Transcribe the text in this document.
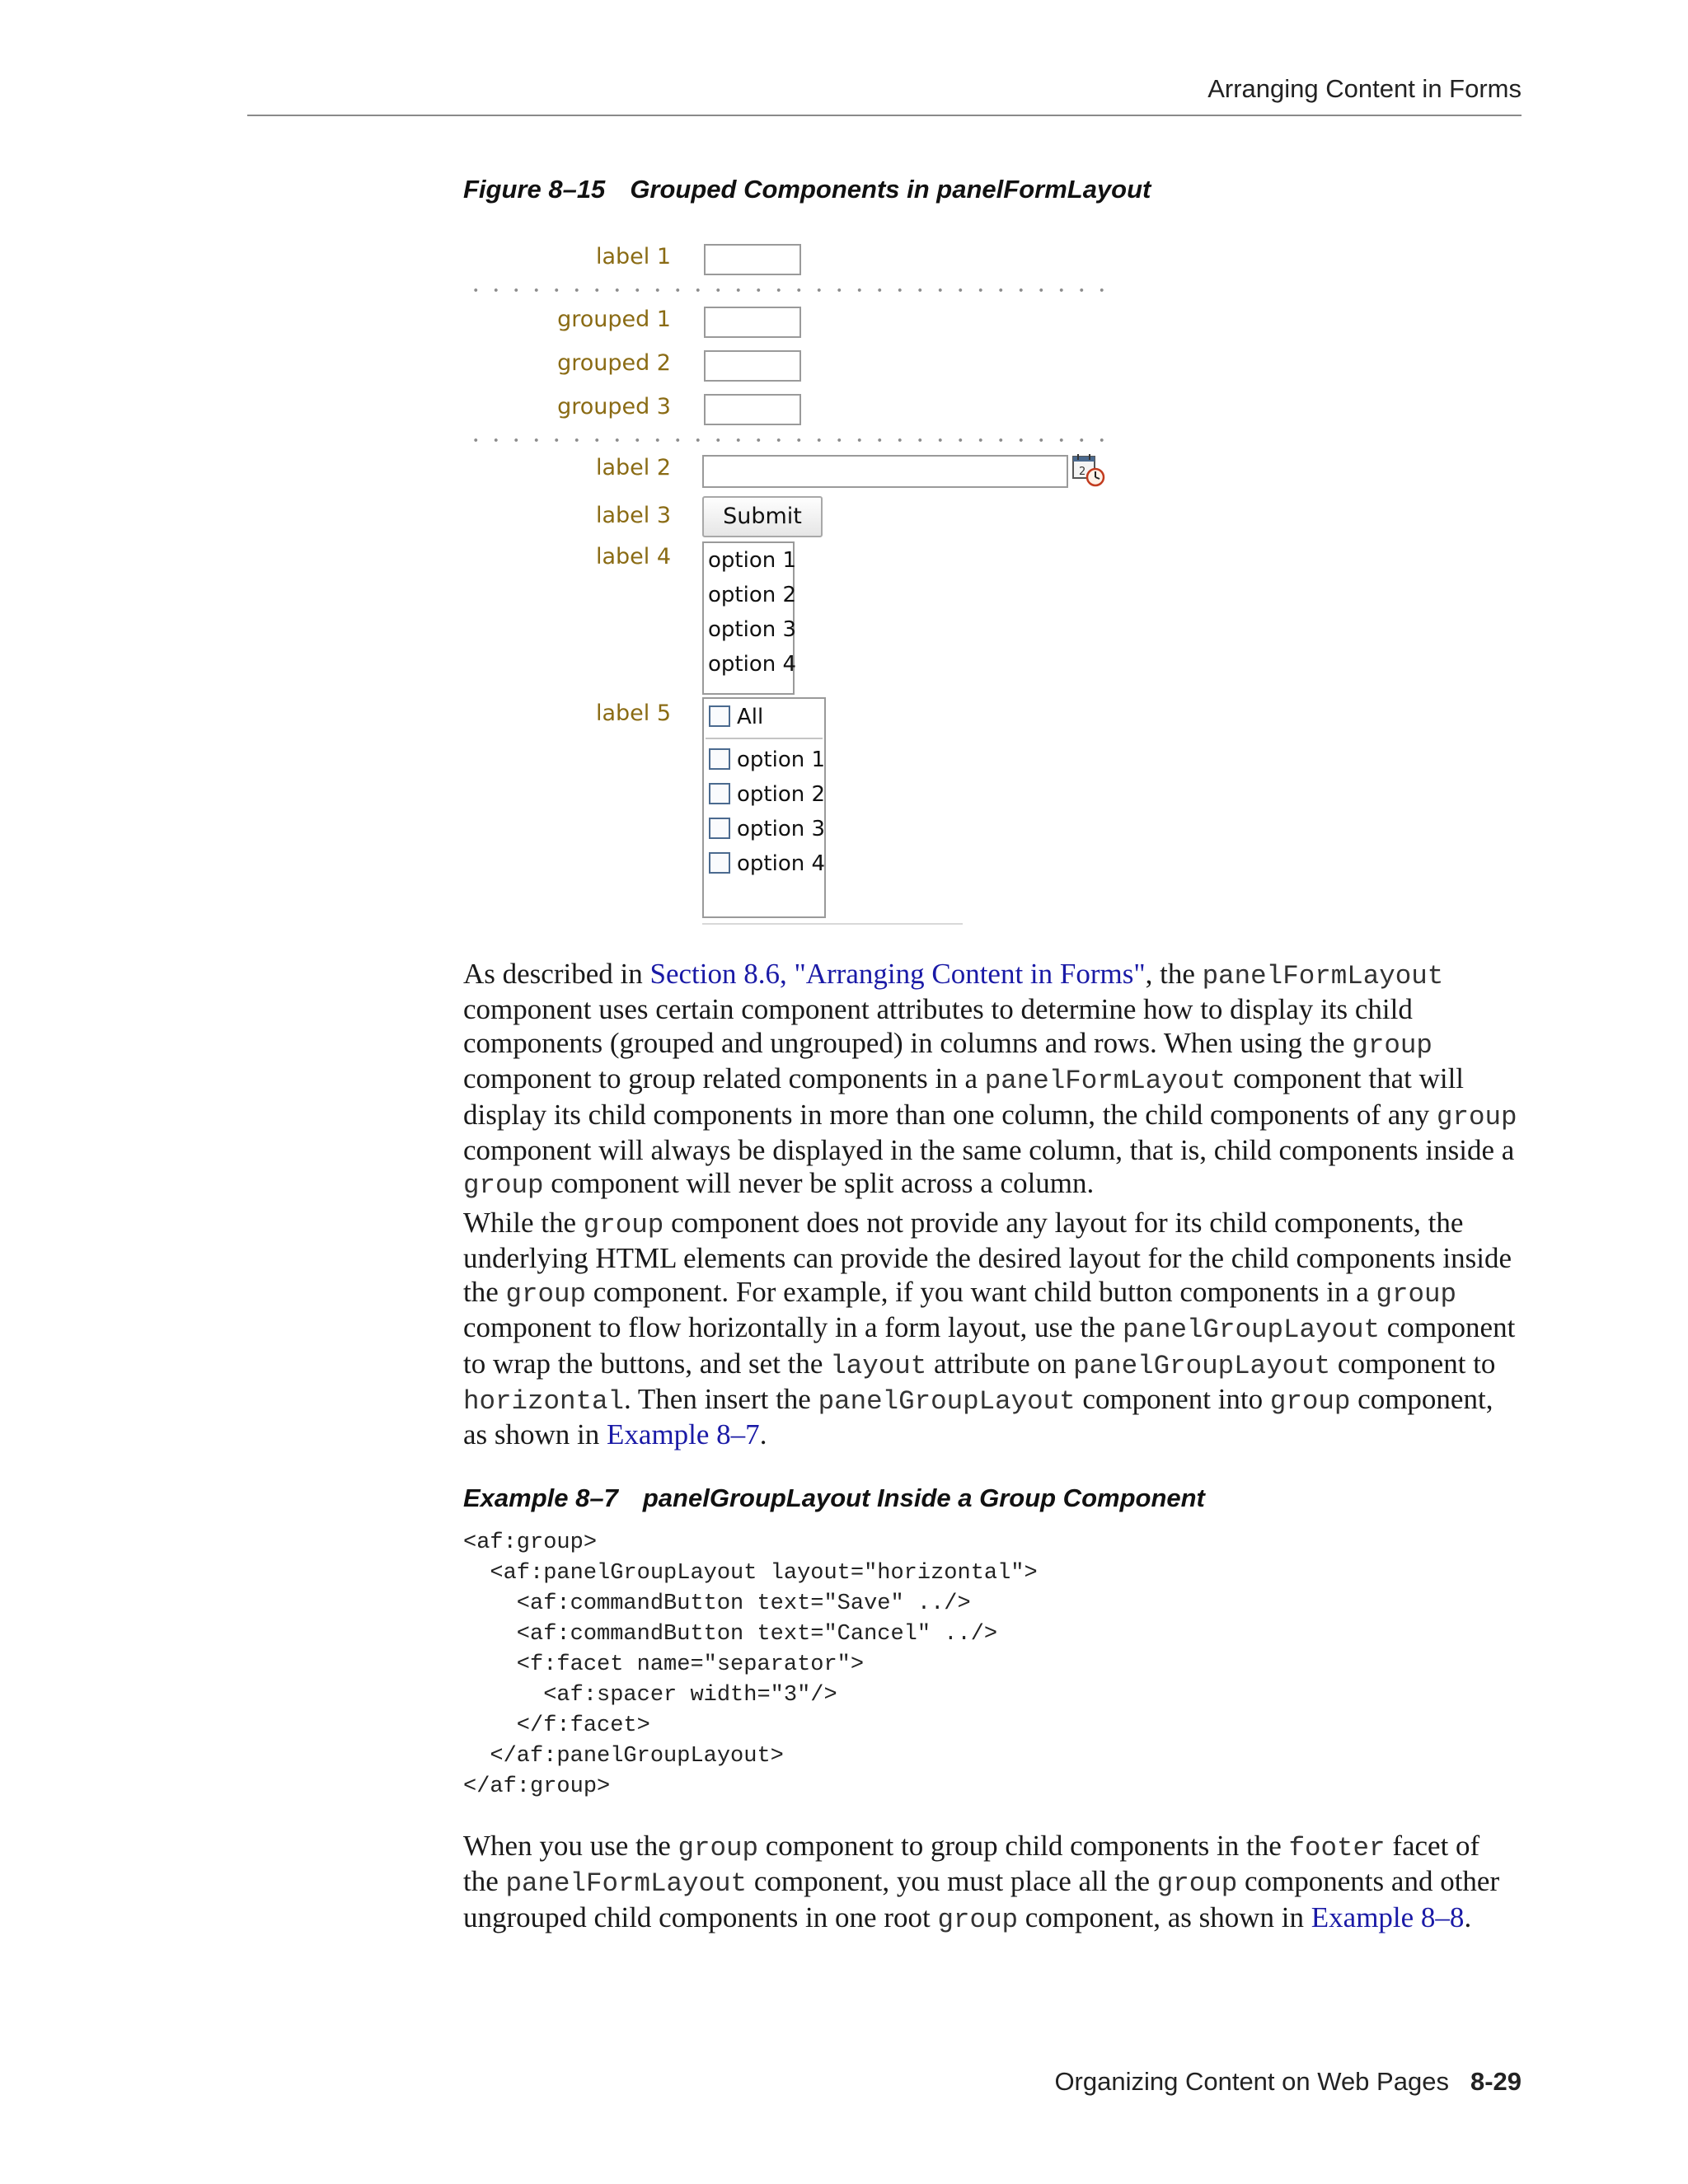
Arranging Content in Forms
Figure 8–15 Grouped Components in panelFormLayout
label 1
grouped 1
grouped 2
grouped 3
label 2	2
label 3	Submit
label 4 option 1
option 2
option 3
option 4
label 5	All
option 1
option 2
option 3
option 4
As described in Section 8.6, "Arranging Content in Forms", the panelFormLayout component uses certain component attributes to determine how to display its child components (grouped and ungrouped) in columns and rows. When using the group component to group related components in a panelFormLayout component that will display its child components in more than one column, the child components of any group component will always be displayed in the same column, that is, child components inside a group component will never be split across a column.
While the group component does not provide any layout for its child components, the underlying HTML elements can provide the desired layout for the child components inside the group component. For example, if you want child button components in a group component to flow horizontally in a form layout, use the panelGroupLayout component to wrap the buttons, and set the layout attribute on panelGroupLayout component to horizontal. Then insert the panelGroupLayout component into group component, as shown in Example 8–7.
Example 8–7 panelGroupLayout Inside a Group Component
<af:group>
<af:panelGroupLayout layout="horizontal">
<af:commandButton text="Save" ../>
<af:commandButton text="Cancel" ../>
<f:facet name="separator">
<af:spacer width="3"/>
</f:facet>
</af:panelGroupLayout>
</af:group>
When you use the group component to group child components in the footer facet of the panelFormLayout component, you must place all the group components and other ungrouped child components in one root group component, as shown in Example 8–8.
Organizing Content on Web Pages 8-29
